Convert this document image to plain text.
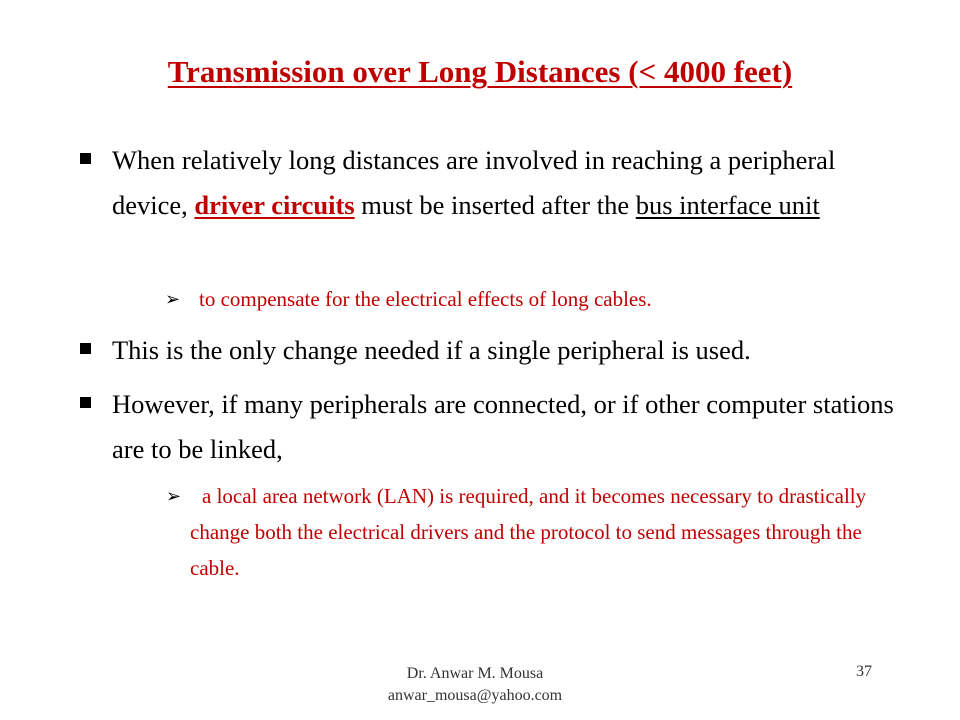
Transmission over Long Distances (< 4000 feet)
When relatively long distances are involved in reaching a peripheral device, driver circuits must be inserted after the bus interface unit
➢ to compensate for the electrical effects of long cables.
This is the only change needed if a single peripheral is used.
However, if many peripherals are connected, or if other computer stations are to be linked,
➢ a local area network (LAN) is required, and it becomes necessary to drastically change both the electrical drivers and the protocol to send messages through the cable.
Dr. Anwar M. Mousa
anwar_mousa@yahoo.com
37
